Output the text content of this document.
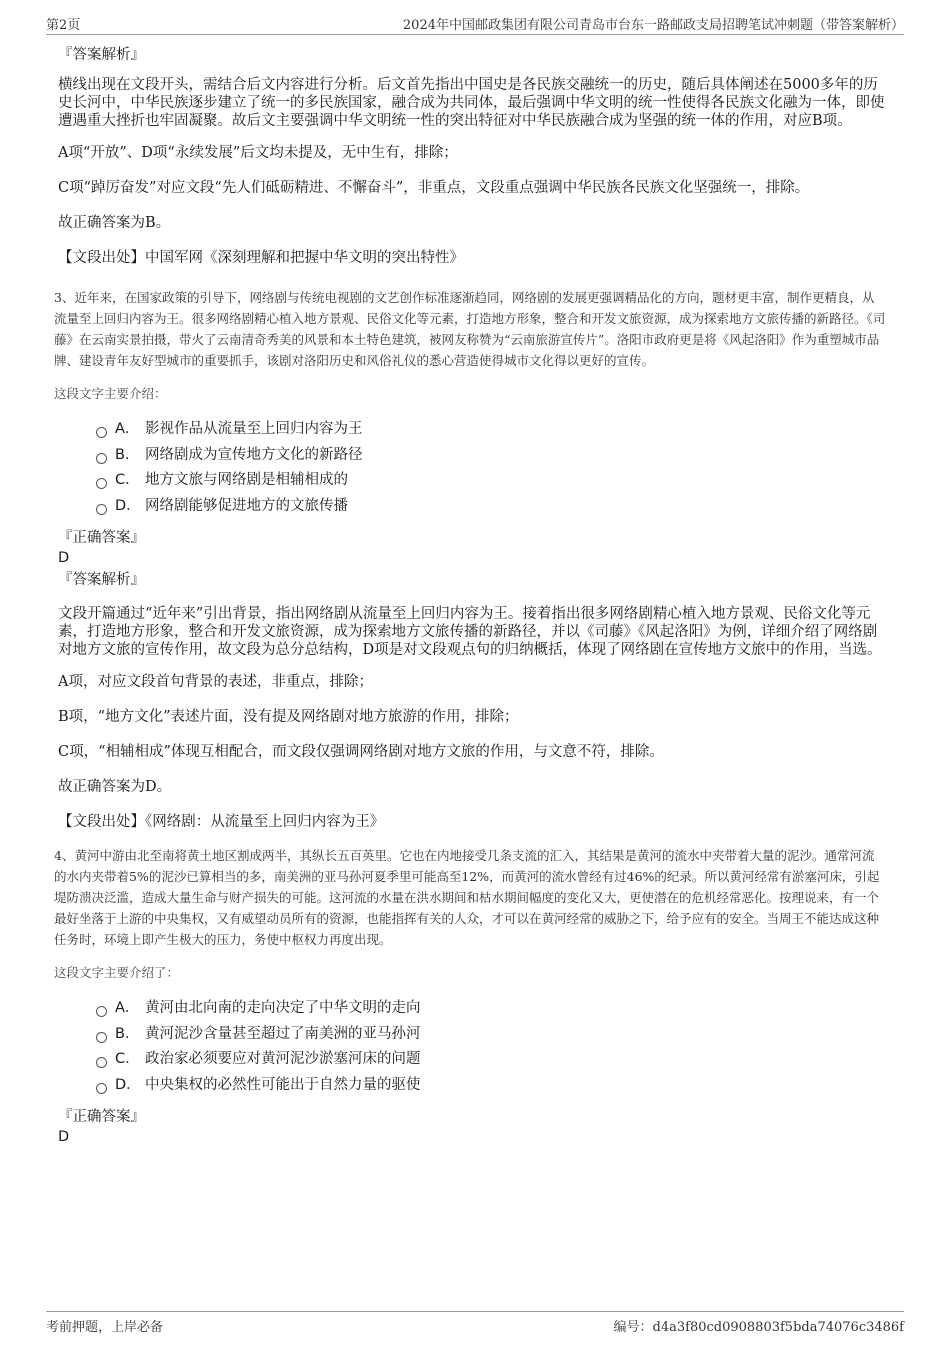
第2页	2024年中国邮政集团有限公司青岛市台东一路邮政支局招聘笔试冲刺题（带答案解析）
『答案解析』
横线出现在文段开头，需结合后文内容进行分析。后文首先指出中国史是各民族交融统一的历史，随后具体阐述在5000多年的历史长河中，中华民族逐步建立了统一的多民族国家，融合成为共同体，最后强调中华文明的统一性使得各民族文化融为一体，即使遭遇重大挫折也牢固凝聚。故后文主要强调中华文明统一性的突出特征对中华民族融合成为坚强的统一体的作用，对应B项。
A项“开放”、D项“永续发展”后文均未提及，无中生有，排除；
C项“踔厉奋发”对应文段“先人们砥砺精进、不懈奋斗”，非重点，文段重点强调中华民族各民族文化坚强统一，排除。
故正确答案为B。
【文段出处】中国军网《深刻理解和把握中华文明的突出特性》
3、近年来，在国家政策的引导下，网络剧与传统电视剧的文艺创作标准逐渐趋同，网络剧的发展更强调精品化的方向，题材更丰富，制作更精良，从流量至上回归内容为王。很多网络剧精心植入地方景观、民俗文化等元素，打造地方形象，整合和开发文旅资源，成为探索地方文旅传播的新路径。《司藤》在云南实景拍摄，带火了云南清奇秀美的风景和本土特色建筑，被网友称赞为“云南旅游宣传片”。洛阳市政府更是将《风起洛阳》作为重塑城市品牌、建设青年友好型城市的重要抓手，该剧对洛阳历史和风俗礼仪的悉心营造使得城市文化得以更好的宣传。
这段文字主要介绍：
A． 影视作品从流量至上回归内容为王
B． 网络剧成为宣传地方文化的新路径
C． 地方文旅与网络剧是相辅相成的
D． 网络剧能够促进地方的文旅传播
『正确答案』
D
『答案解析』
文段开篇通过“近年来”引出背景，指出网络剧从流量至上回归内容为王。接着指出很多网络剧精心植入地方景观、民俗文化等元素，打造地方形象，整合和开发文旅资源，成为探索地方文旅传播的新路径，并以《司藤》《风起洛阳》为例，详细介绍了网络剧对地方文旅的宣传作用，故文段为总分总结构，D项是对文段观点句的归纳概括，体现了网络剧在宣传地方文旅中的作用，当选。
A项，对应文段首句背景的表述，非重点，排除；
B项，“地方文化”表述片面，没有提及网络剧对地方旅游的作用，排除；
C项，“相辅相成”体现互相配合，而文段仅强调网络剧对地方文旅的作用，与文意不符，排除。
故正确答案为D。
【文段出处】《网络剧：从流量至上回归内容为王》
4、黄河中游由北至南将黄土地区割成两半，其纵长五百英里。它也在内地接受几条支流的汇入，其结果是黄河的流水中夹带着大量的泥沙。通常河流的水内夹带着5%的泥沙已算相当的多，南美洲的亚马孙河夏季里可能高至12%，而黄河的流水曾经有过46%的纪录。所以黄河经常有淤塞河床，引起堤防溃决泛滥，造成大量生命与财产损失的可能。这河流的水量在洪水期间和枯水期间幅度的变化又大，更使潜在的危机经常恶化。按理说来，有一个最好坐落于上游的中央集权，又有威望动员所有的资源，也能指挥有关的人众，才可以在黄河经常的威胁之下，给予应有的安全。当周王不能达成这种任务时，环境上即产生极大的压力，务使中枢权力再度出现。
这段文字主要介绍了：
A． 黄河由北向南的走向决定了中华文明的走向
B． 黄河泥沙含量甚至超过了南美洲的亚马孙河
C． 政治家必须要应对黄河泥沙淤塞河床的问题
D． 中央集权的必然性可能出于自然力量的驱使
『正确答案』
D
考前押题，上岸必备	编号：d4a3f80cd0908803f5bda74076c3486f
